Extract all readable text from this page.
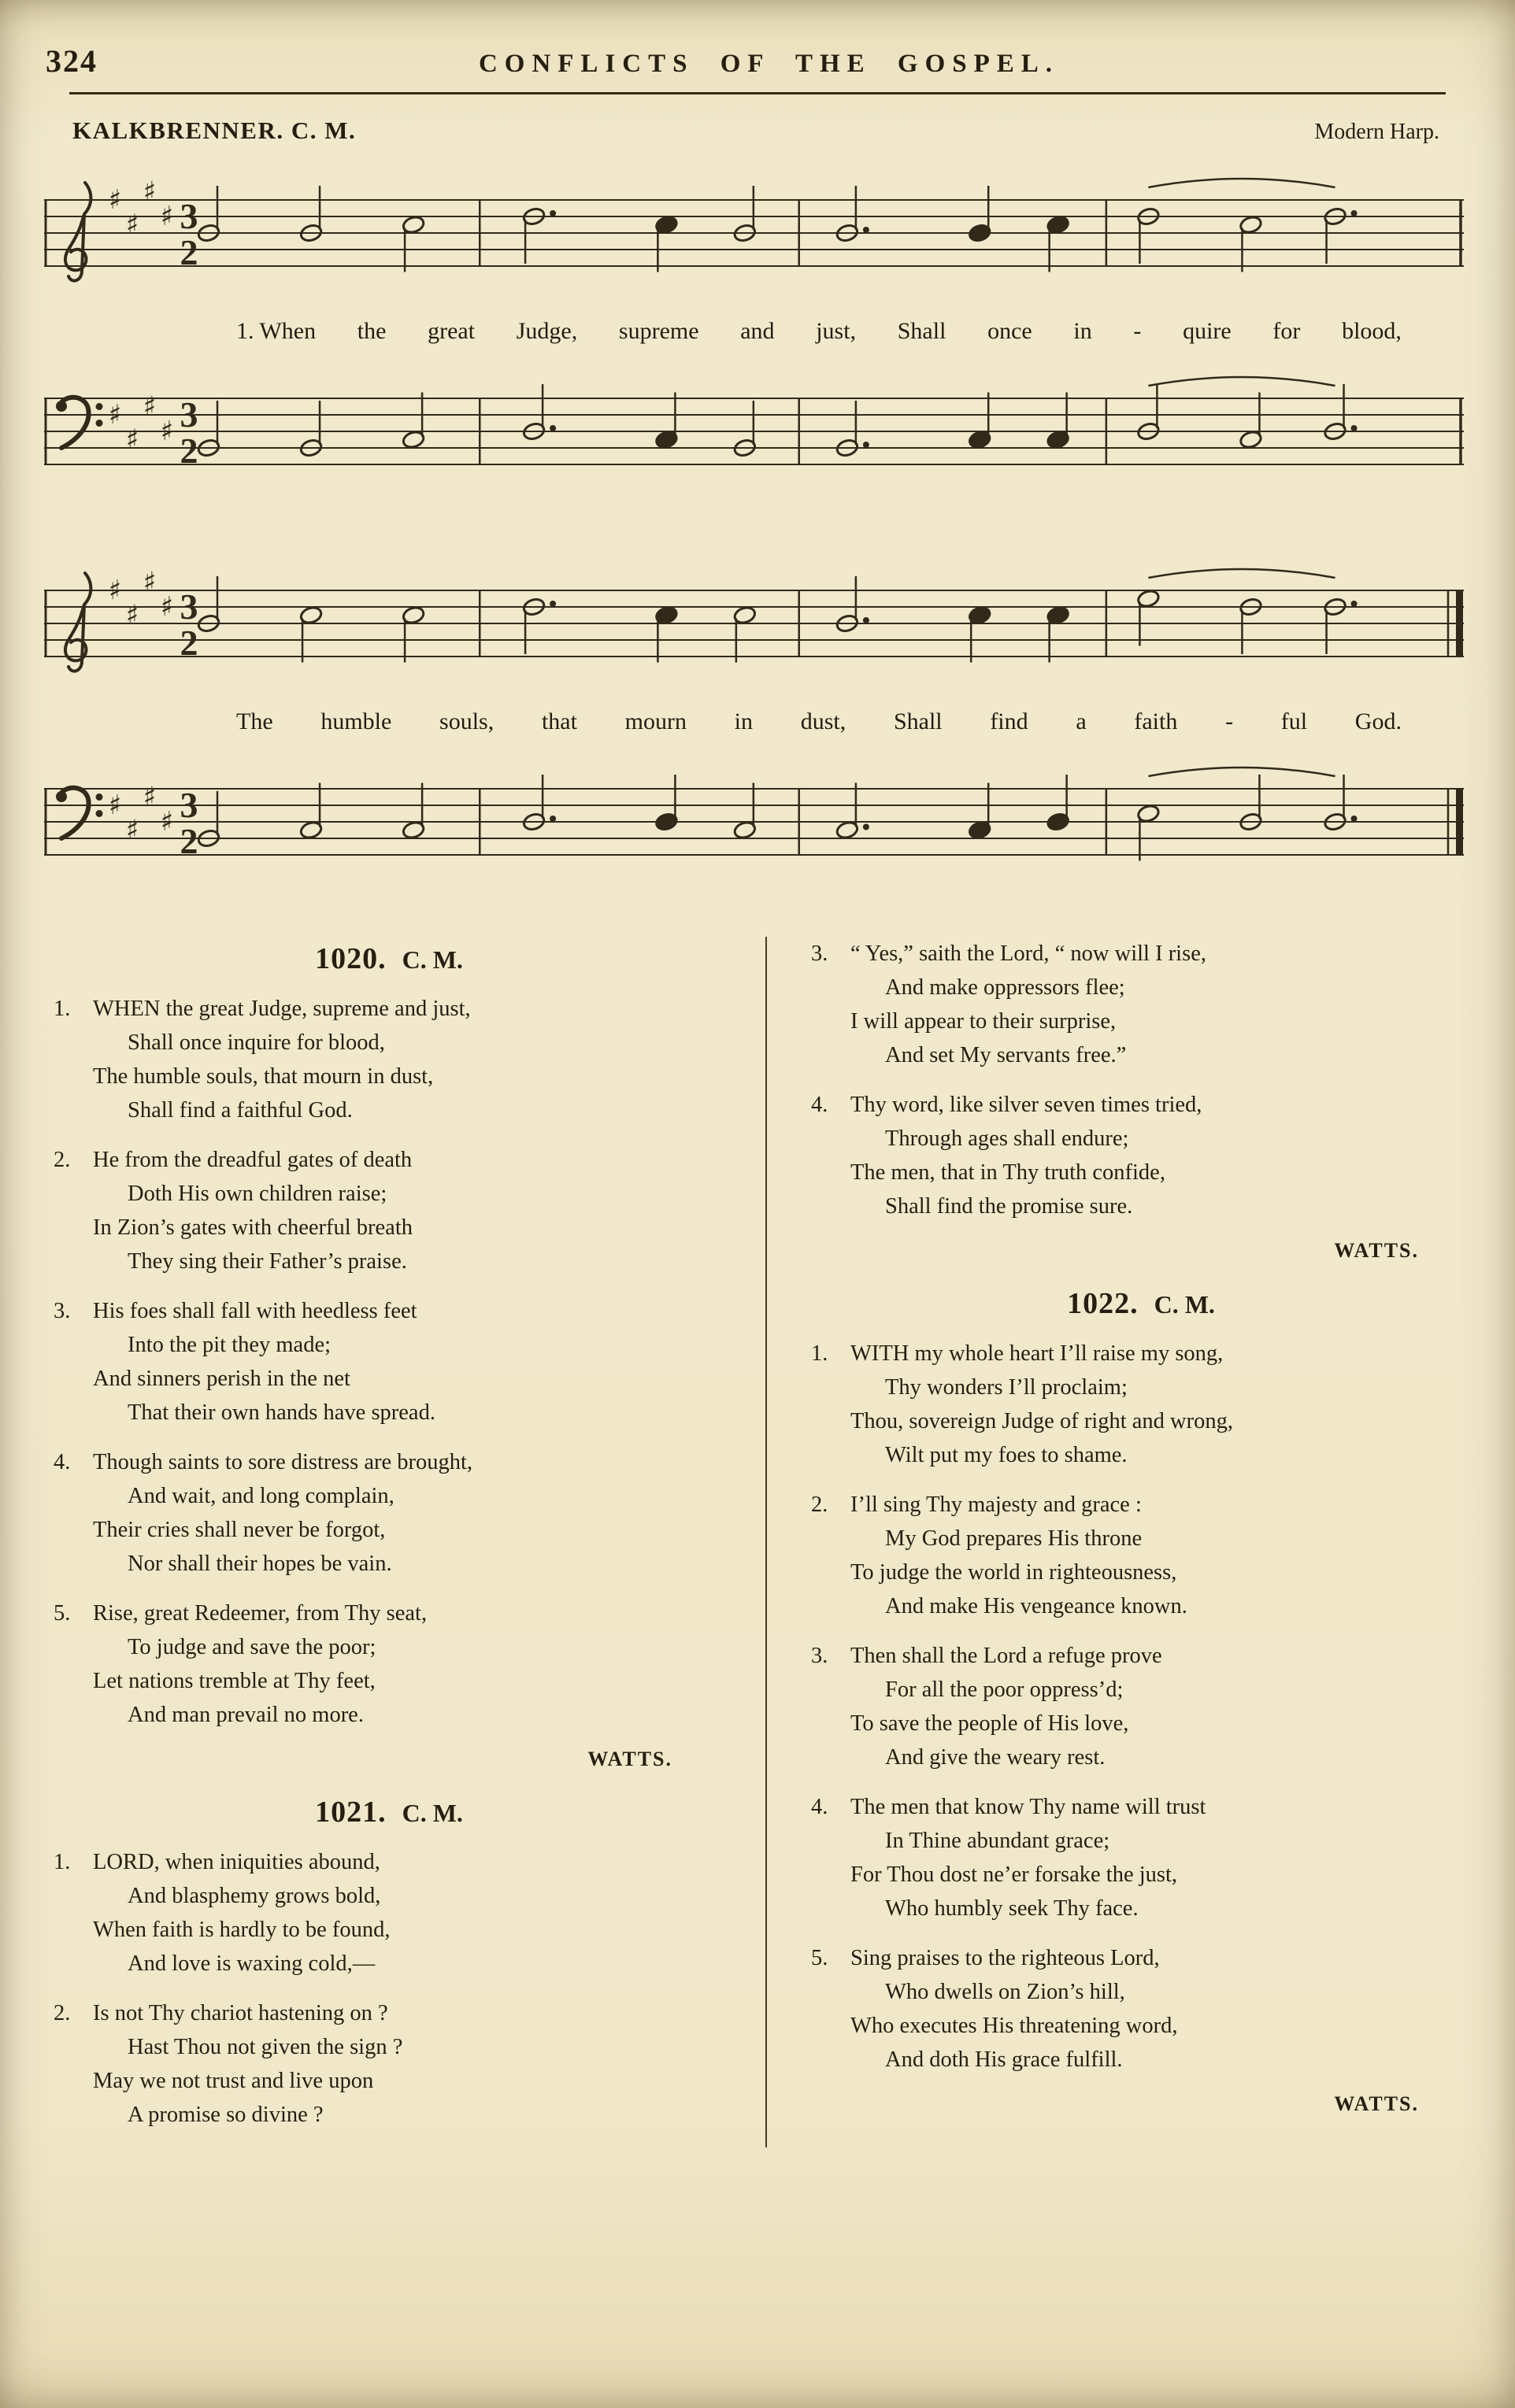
324	CONFLICTS OF THE GOSPEL.
KALKBRENNER. C. M.	Modern Harp.
♯
♯
♯
♯ 3
2
1. When the great Judge, supreme and just, Shall once in - quire for blood,
♯
♯
♯
♯ 3
2
♯
♯
♯
♯ 3
2
The humble souls, that mourn in dust, Shall find a faith - ful God.
♯
♯
♯
♯ 3
2
1020. C. M.
1. WHEN the great Judge, supreme and just,
Shall once inquire for blood,
The humble souls, that mourn in dust,
Shall find a faithful God.
2. He from the dreadful gates of death
Doth His own children raise;
In Zion’s gates with cheerful breath
They sing their Father’s praise.
3. His foes shall fall with heedless feet
Into the pit they made;
And sinners perish in the net
That their own hands have spread.
4. Though saints to sore distress are brought,
And wait, and long complain,
Their cries shall never be forgot,
Nor shall their hopes be vain.
5. Rise, great Redeemer, from Thy seat,
To judge and save the poor;
Let nations tremble at Thy feet,
And man prevail no more.
WATTS.
1021. C. M.
1. LORD, when iniquities abound,
And blasphemy grows bold,
When faith is hardly to be found,
And love is waxing cold,—
2. Is not Thy chariot hastening on ?
Hast Thou not given the sign ?
May we not trust and live upon
A promise so divine ?
3. “ Yes,” saith the Lord, “ now will I rise,
And make oppressors flee;
I will appear to their surprise,
And set My servants free.”
4. Thy word, like silver seven times tried,
Through ages shall endure;
The men, that in Thy truth confide,
Shall find the promise sure.
WATTS.
1022. C. M.
1. WITH my whole heart I’ll raise my song,
Thy wonders I’ll proclaim;
Thou, sovereign Judge of right and wrong,
Wilt put my foes to shame.
2. I’ll sing Thy majesty and grace :
My God prepares His throne
To judge the world in righteousness,
And make His vengeance known.
3. Then shall the Lord a refuge prove
For all the poor oppress’d;
To save the people of His love,
And give the weary rest.
4. The men that know Thy name will trust
In Thine abundant grace;
For Thou dost ne’er forsake the just,
Who humbly seek Thy face.
5. Sing praises to the righteous Lord,
Who dwells on Zion’s hill,
Who executes His threatening word,
And doth His grace fulfill.
WATTS.
